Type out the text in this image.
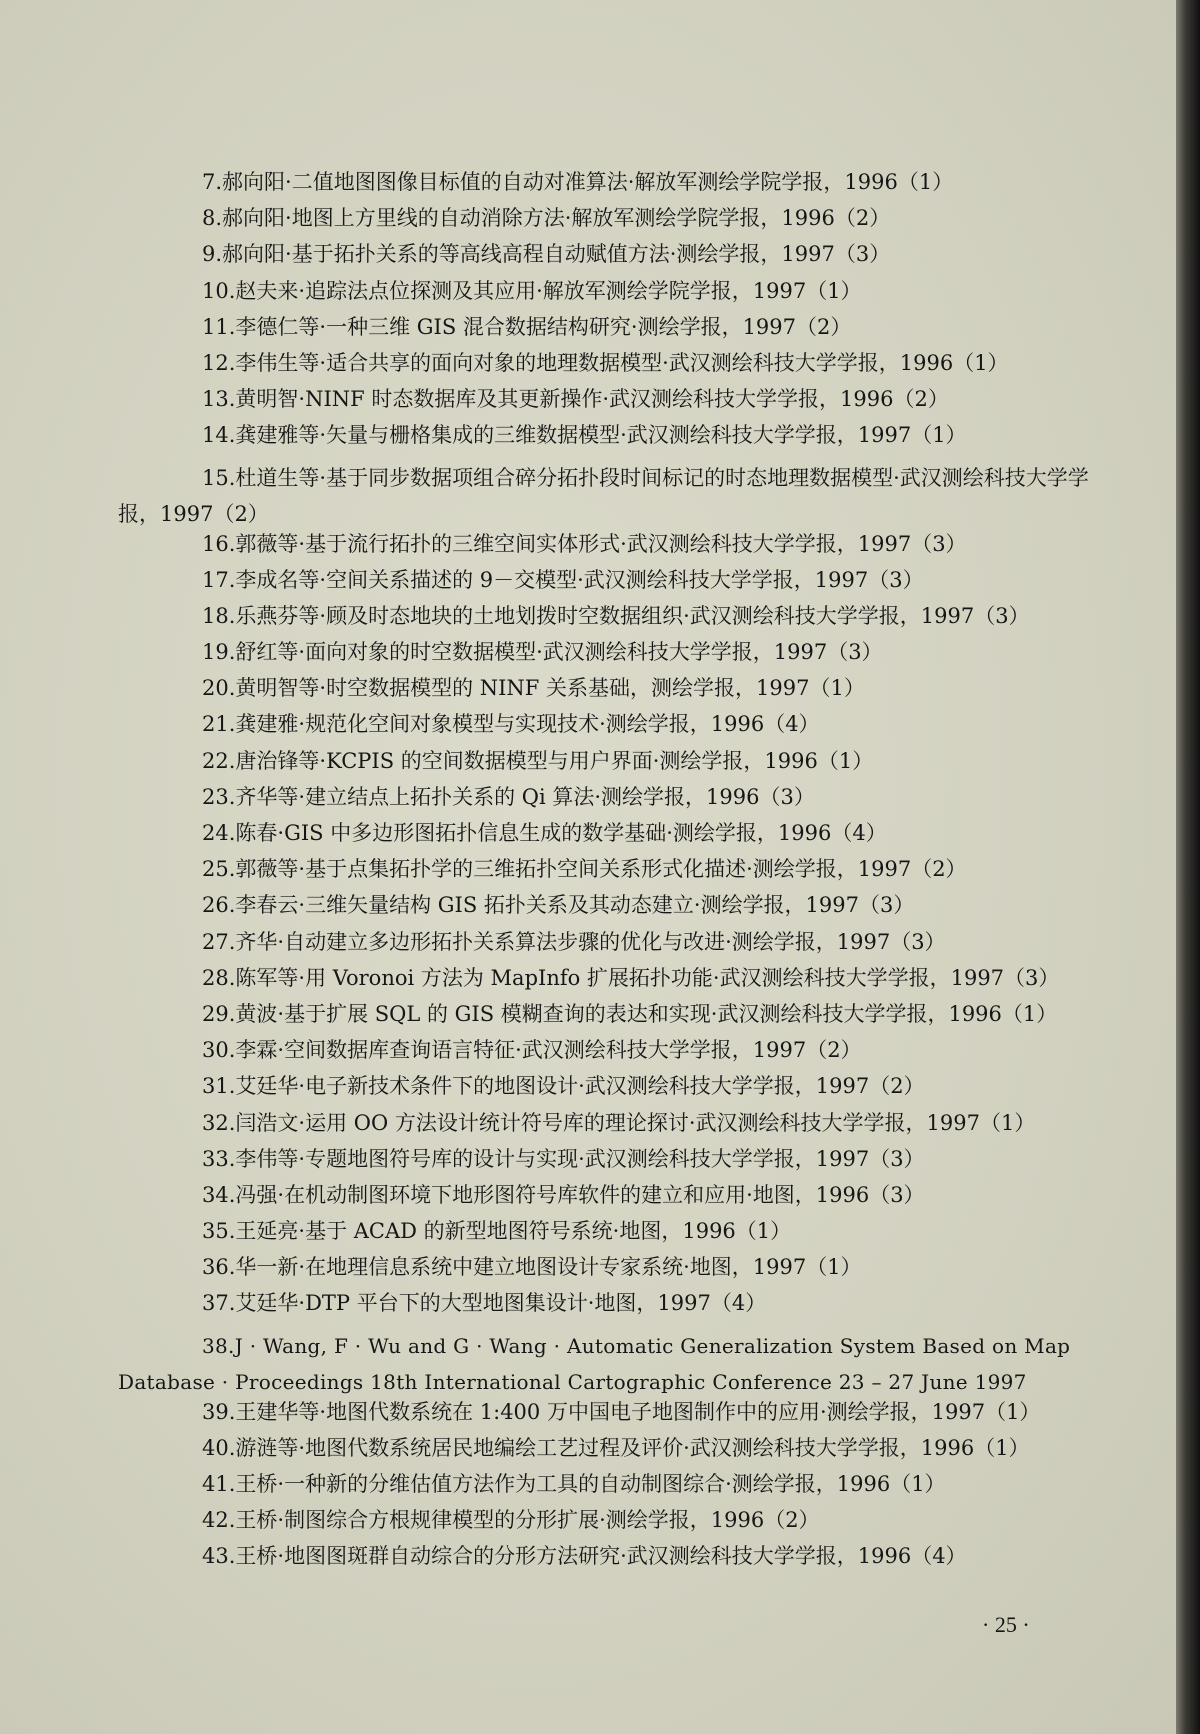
7.郝向阳·二值地图图像目标值的自动对准算法·解放军测绘学院学报，1996（1）
8.郝向阳·地图上方里线的自动消除方法·解放军测绘学院学报，1996（2）
9.郝向阳·基于拓扑关系的等高线高程自动赋值方法·测绘学报，1997（3）
10.赵夫来·追踪法点位探测及其应用·解放军测绘学院学报，1997（1）
11.李德仁等·一种三维 GIS 混合数据结构研究·测绘学报，1997（2）
12.李伟生等·适合共享的面向对象的地理数据模型·武汉测绘科技大学学报，1996（1）
13.黄明智·NINF 时态数据库及其更新操作·武汉测绘科技大学学报，1996（2）
14.龚建雅等·矢量与栅格集成的三维数据模型·武汉测绘科技大学学报，1997（1）
15.杜道生等·基于同步数据项组合碎分拓扑段时间标记的时态地理数据模型·武汉测绘科技大学学报，1997（2）
16.郭薇等·基于流行拓扑的三维空间实体形式·武汉测绘科技大学学报，1997（3）
17.李成名等·空间关系描述的 9－交模型·武汉测绘科技大学学报，1997（3）
18.乐燕芬等·顾及时态地块的土地划拨时空数据组织·武汉测绘科技大学学报，1997（3）
19.舒红等·面向对象的时空数据模型·武汉测绘科技大学学报，1997（3）
20.黄明智等·时空数据模型的 NINF 关系基础，测绘学报，1997（1）
21.龚建雅·规范化空间对象模型与实现技术·测绘学报，1996（4）
22.唐治锋等·KCPIS 的空间数据模型与用户界面·测绘学报，1996（1）
23.齐华等·建立结点上拓扑关系的 Qi 算法·测绘学报，1996（3）
24.陈春·GIS 中多边形图拓扑信息生成的数学基础·测绘学报，1996（4）
25.郭薇等·基于点集拓扑学的三维拓扑空间关系形式化描述·测绘学报，1997（2）
26.李春云·三维矢量结构 GIS 拓扑关系及其动态建立·测绘学报，1997（3）
27.齐华·自动建立多边形拓扑关系算法步骤的优化与改进·测绘学报，1997（3）
28.陈军等·用 Voronoi 方法为 MapInfo 扩展拓扑功能·武汉测绘科技大学学报，1997（3）
29.黄波·基于扩展 SQL 的 GIS 模糊查询的表达和实现·武汉测绘科技大学学报，1996（1）
30.李霖·空间数据库查询语言特征·武汉测绘科技大学学报，1997（2）
31.艾廷华·电子新技术条件下的地图设计·武汉测绘科技大学学报，1997（2）
32.闫浩文·运用 OO 方法设计统计符号库的理论探讨·武汉测绘科技大学学报，1997（1）
33.李伟等·专题地图符号库的设计与实现·武汉测绘科技大学学报，1997（3）
34.冯强·在机动制图环境下地形图符号库软件的建立和应用·地图，1996（3）
35.王延亮·基于 ACAD 的新型地图符号系统·地图，1996（1）
36.华一新·在地理信息系统中建立地图设计专家系统·地图，1997（1）
37.艾廷华·DTP 平台下的大型地图集设计·地图，1997（4）
38.J · Wang, F · Wu and G · Wang · Automatic Generalization System Based on Map Database · Proceedings 18th International Cartographic Conference 23 – 27 June 1997
39.王建华等·地图代数系统在 1:400 万中国电子地图制作中的应用·测绘学报，1997（1）
40.游涟等·地图代数系统居民地编绘工艺过程及评价·武汉测绘科技大学学报，1996（1）
41.王桥·一种新的分维估值方法作为工具的自动制图综合·测绘学报，1996（1）
42.王桥·制图综合方根规律模型的分形扩展·测绘学报，1996（2）
43.王桥·地图图斑群自动综合的分形方法研究·武汉测绘科技大学学报，1996（4）
· 25 ·
